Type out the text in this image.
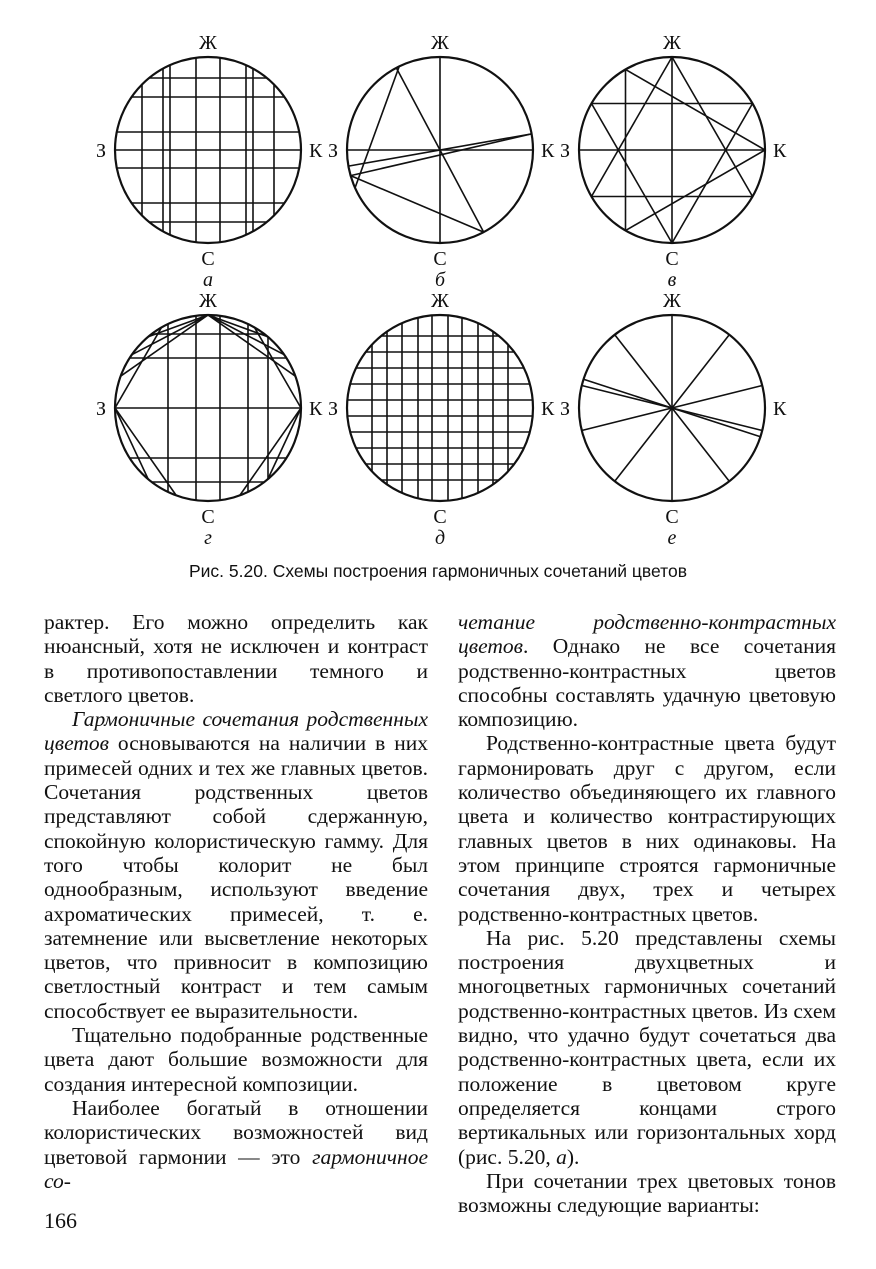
Ж
С
З	К
а
Ж
С
З	К
б
Ж
С
З	К
в
Ж
С
З	К
г
Ж
С
З	К
д
Ж
С
З	К
е
Рис. 5.20. Схемы построения гармоничных сочетаний цветов

рактер. Его можно определить как нюансный, хотя не исключен и контраст в противопоставлении темного и светлого цветов.

Гармоничные сочетания родственных цветов основываются на наличии в них примесей одних и тех же главных цветов. Сочетания родственных цветов представляют собой сдержанную, спокойную колористическую гамму. Для того чтобы колорит не был однообразным, используют введение ахроматических примесей, т. е. затемнение или высветление некоторых цветов, что привносит в композицию светлостный контраст и тем самым способствует ее выразительности.

Тщательно подобранные родственные цвета дают большие возможности для создания интересной композиции.

Наиболее богатый в отношении колористических возможностей вид цветовой гармонии — это гармоничное со-

четание родственно-контрастных цветов. Однако не все сочетания родственно-контрастных цветов способны составлять удачную цветовую композицию.

Родственно-контрастные цвета будут гармонировать друг с другом, если количество объединяющего их главного цвета и количество контрастирующих главных цветов в них одинаковы. На этом принципе строятся гармоничные сочетания двух, трех и четырех родственно-контрастных цветов.

На рис. 5.20 представлены схемы построения двухцветных и многоцветных гармоничных сочетаний родственно-контрастных цветов. Из схем видно, что удачно будут сочетаться два родственно-контрастных цвета, если их положение в цветовом круге определяется концами строго вертикальных или горизонтальных хорд (рис. 5.20, а).

При сочетании трех цветовых тонов возможны следующие варианты:

166
